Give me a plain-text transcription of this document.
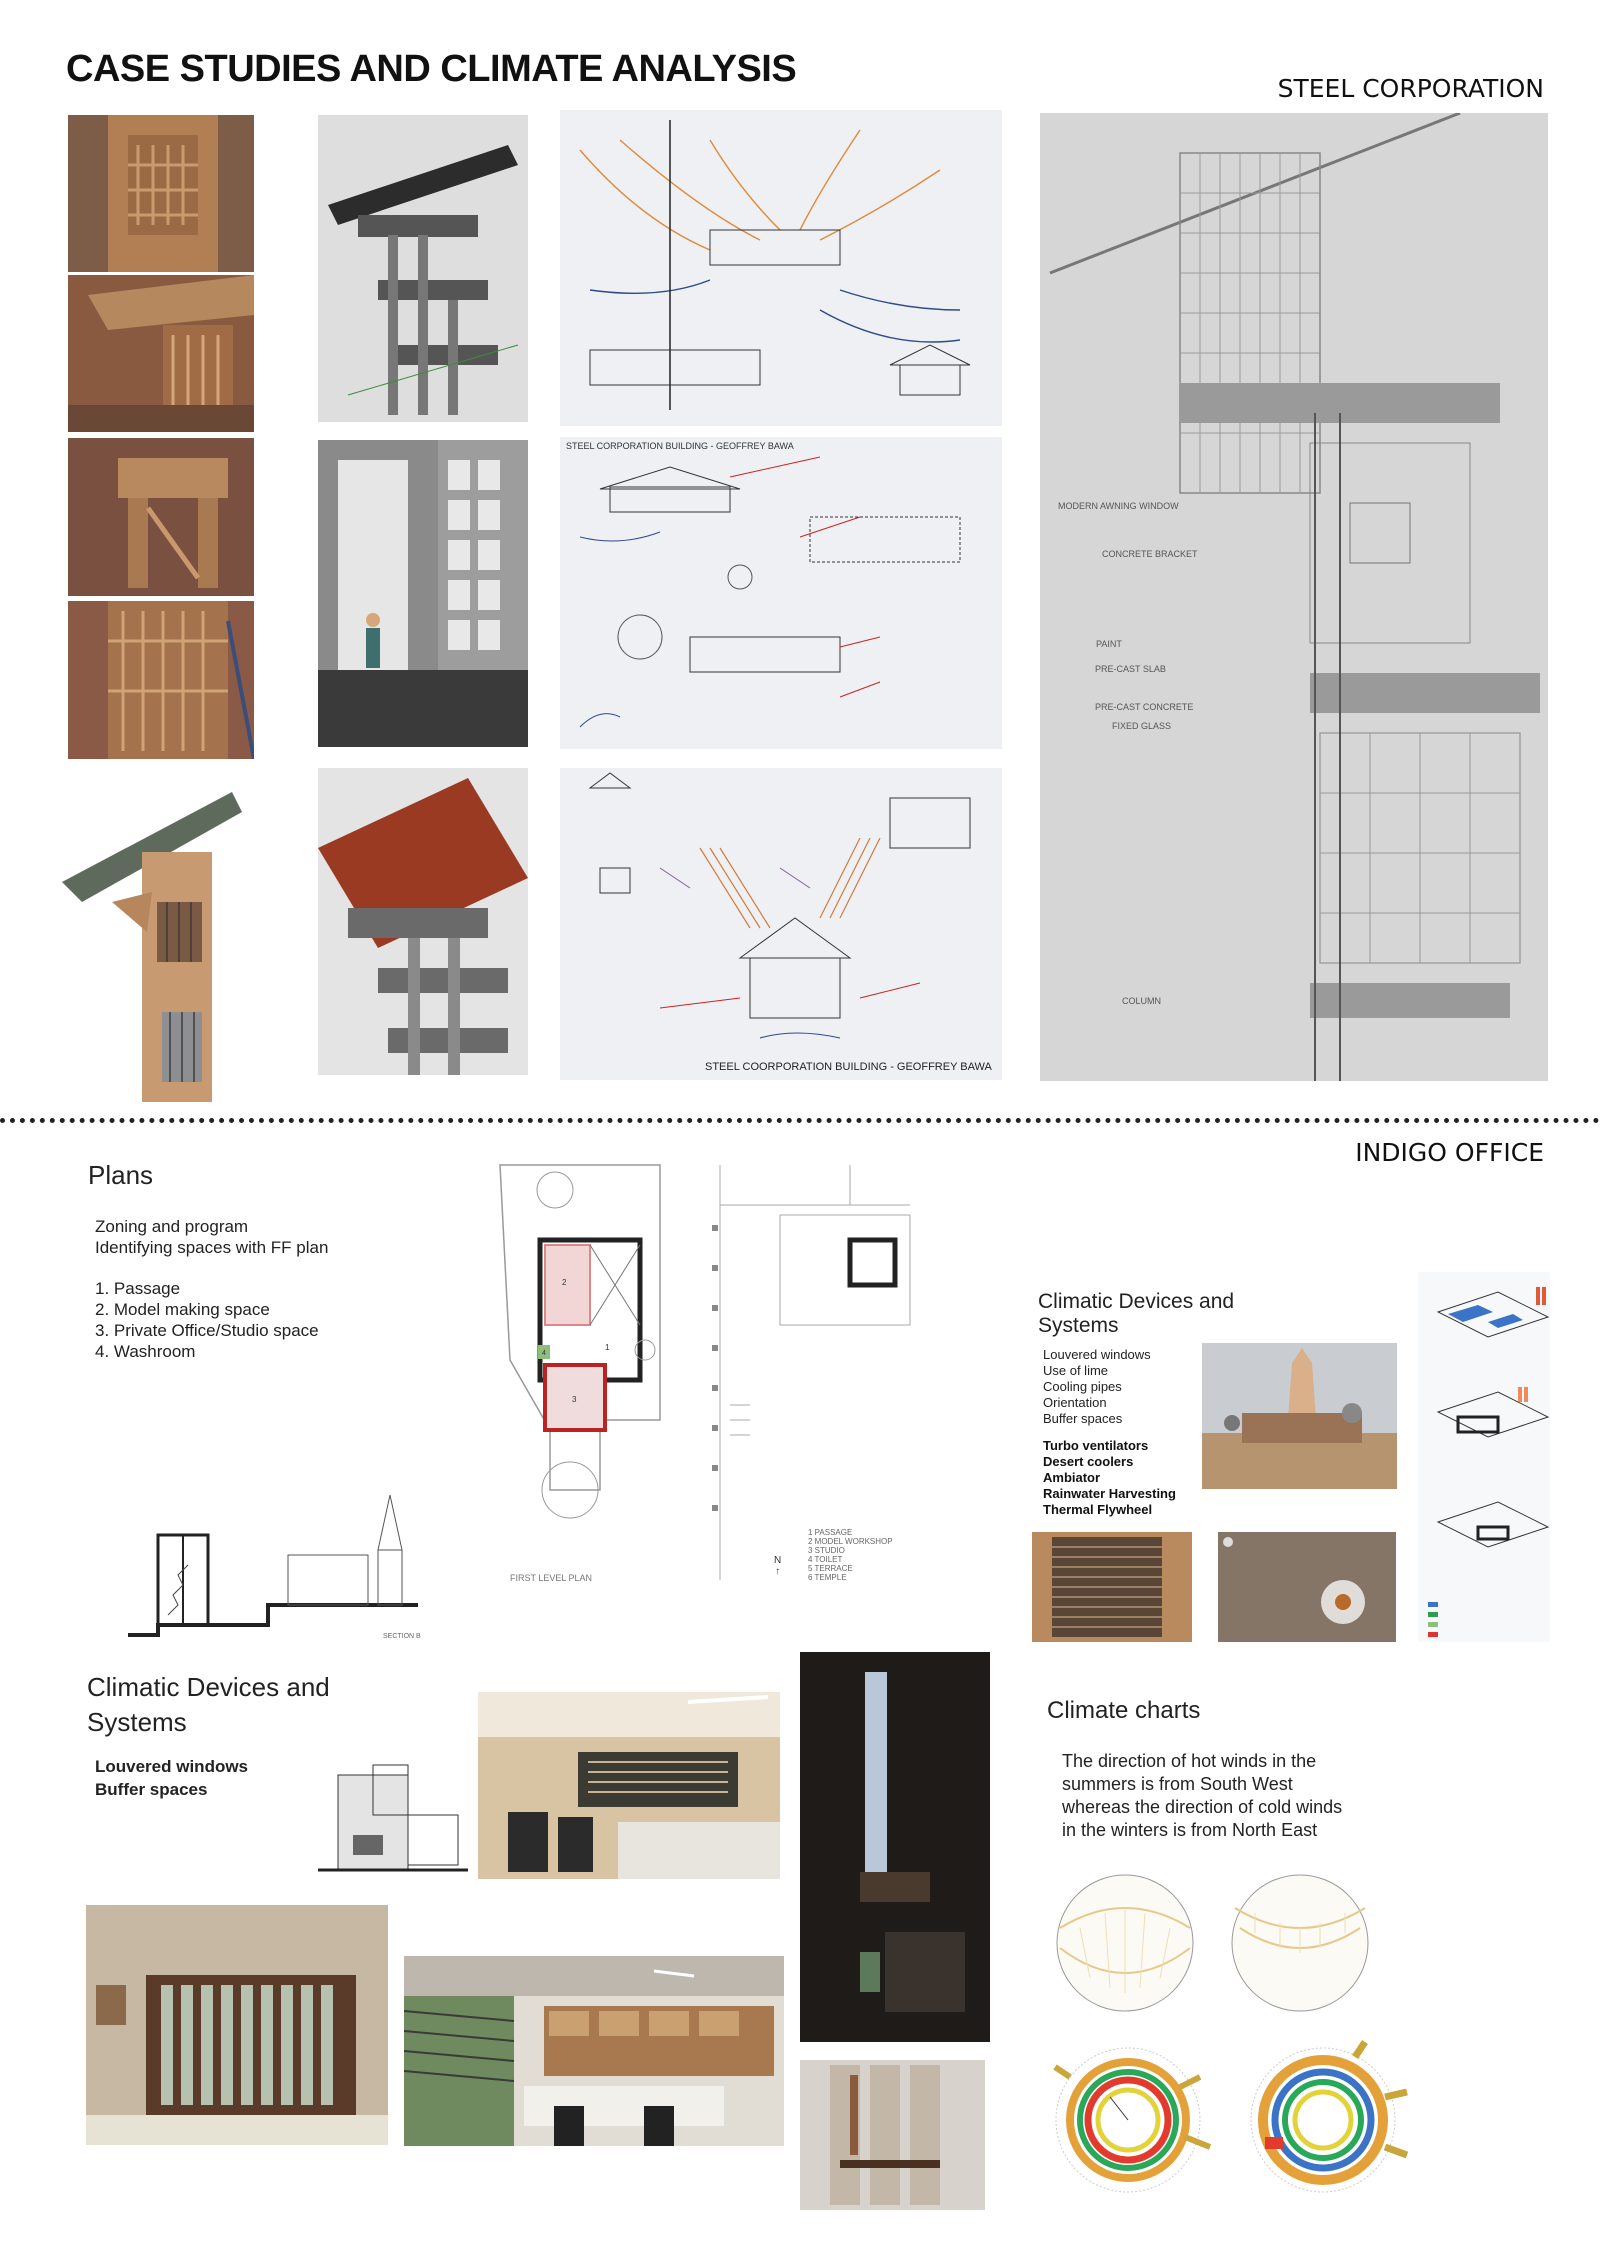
CASE STUDIES AND CLIMATE ANALYSIS	STEEL CORPORATION
STEEL CORPORATION BUILDING - GEOFFREY BAWA
STEEL COORPORATION BUILDING - GEOFFREY BAWA
MODERN AWNING WINDOW
CONCRETE BRACKET
PAINT
PRE-CAST SLAB
PRE-CAST CONCRETE
FIXED GLASS
COLUMN
INDIGO OFFICE
Plans
Zoning and program
Identifying spaces with FF plan
1. Passage
2. Model making space
3. Private Office/Studio space
4. Washroom
2
3
4
1
FIRST LEVEL PLAN
1 PASSAGE
2 MODEL WORKSHOP
3 STUDIO
4 TOILET
5 TERRACE
6 TEMPLE
N
↑
SECTION B
Climatic Devices and
Systems
Louvered windows
Use of lime
Cooling pipes
Orientation
Buffer spaces
Turbo ventilators
Desert coolers
Ambiator
Rainwater Harvesting
Thermal Flywheel
Climatic Devices and
Systems
Louvered windows
Buffer spaces
Climate charts
The direction of hot winds in the
summers is from South West
whereas the direction of cold winds
in the winters is from North East
